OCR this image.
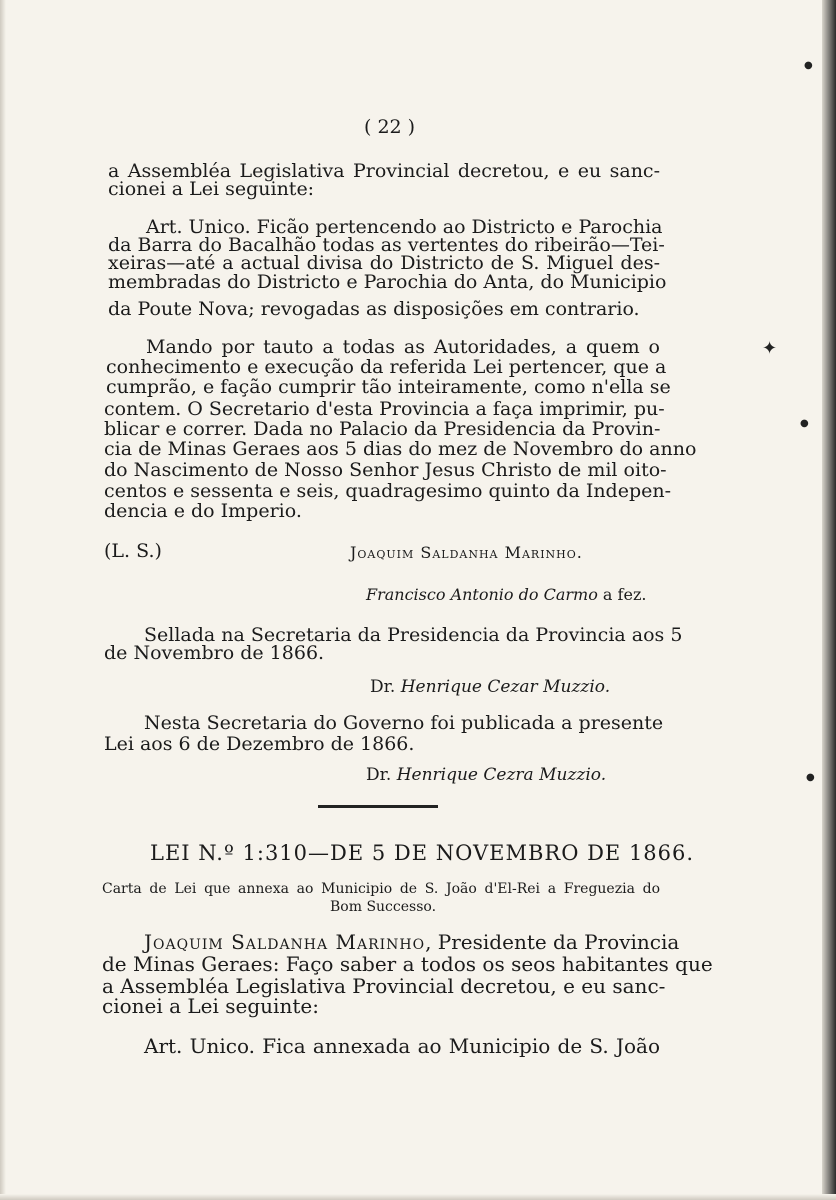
( 22 )
a Assembléa Legislativa Provincial decretou, e eu sanc-
cionei a Lei seguinte:
Art. Unico. Ficão pertencendo ao Districto e Parochia
da Barra do Bacalhão todas as vertentes do ribeirão—Tei-
xeiras—até a actual divisa do Districto de S. Miguel des-
membradas do Districto e Parochia do Anta, do Municipio
da Poute Nova; revogadas as disposições em contrario.
Mando por tauto a todas as Autoridades, a quem o
conhecimento e execução da referida Lei pertencer, que a
cumprão, e fação cumprir tão inteiramente, como n'ella se
contem. O Secretario d'esta Provincia a faça imprimir, pu-
blicar e correr. Dada no Palacio da Presidencia da Provin-
cia de Minas Geraes aos 5 dias do mez de Novembro do anno
do Nascimento de Nosso Senhor Jesus Christo de mil oito-
centos e sessenta e seis, quadragesimo quinto da Indepen-
dencia e do Imperio.
(L. S.)	Joaquim Saldanha Marinho.
Francisco Antonio do Carmo a fez.
Sellada na Secretaria da Presidencia da Provincia aos 5
de Novembro de 1866.
Dr. Henrique Cezar Muzzio.
Nesta Secretaria do Governo foi publicada a presente
Lei aos 6 de Dezembro de 1866.
Dr. Henrique Cezra Muzzio.
LEI N.º 1:310—DE 5 DE NOVEMBRO DE 1866.
Carta de Lei que annexa ao Municipio de S. João d'El-Rei a Freguezia do
Bom Successo.
Joaquim Saldanha Marinho, Presidente da Provincia
de Minas Geraes: Faço saber a todos os seos habitantes que
a Assembléa Legislativa Provincial decretou, e eu sanc-
cionei a Lei seguinte:
Art. Unico. Fica annexada ao Municipio de S. João
✦
●
●
●
